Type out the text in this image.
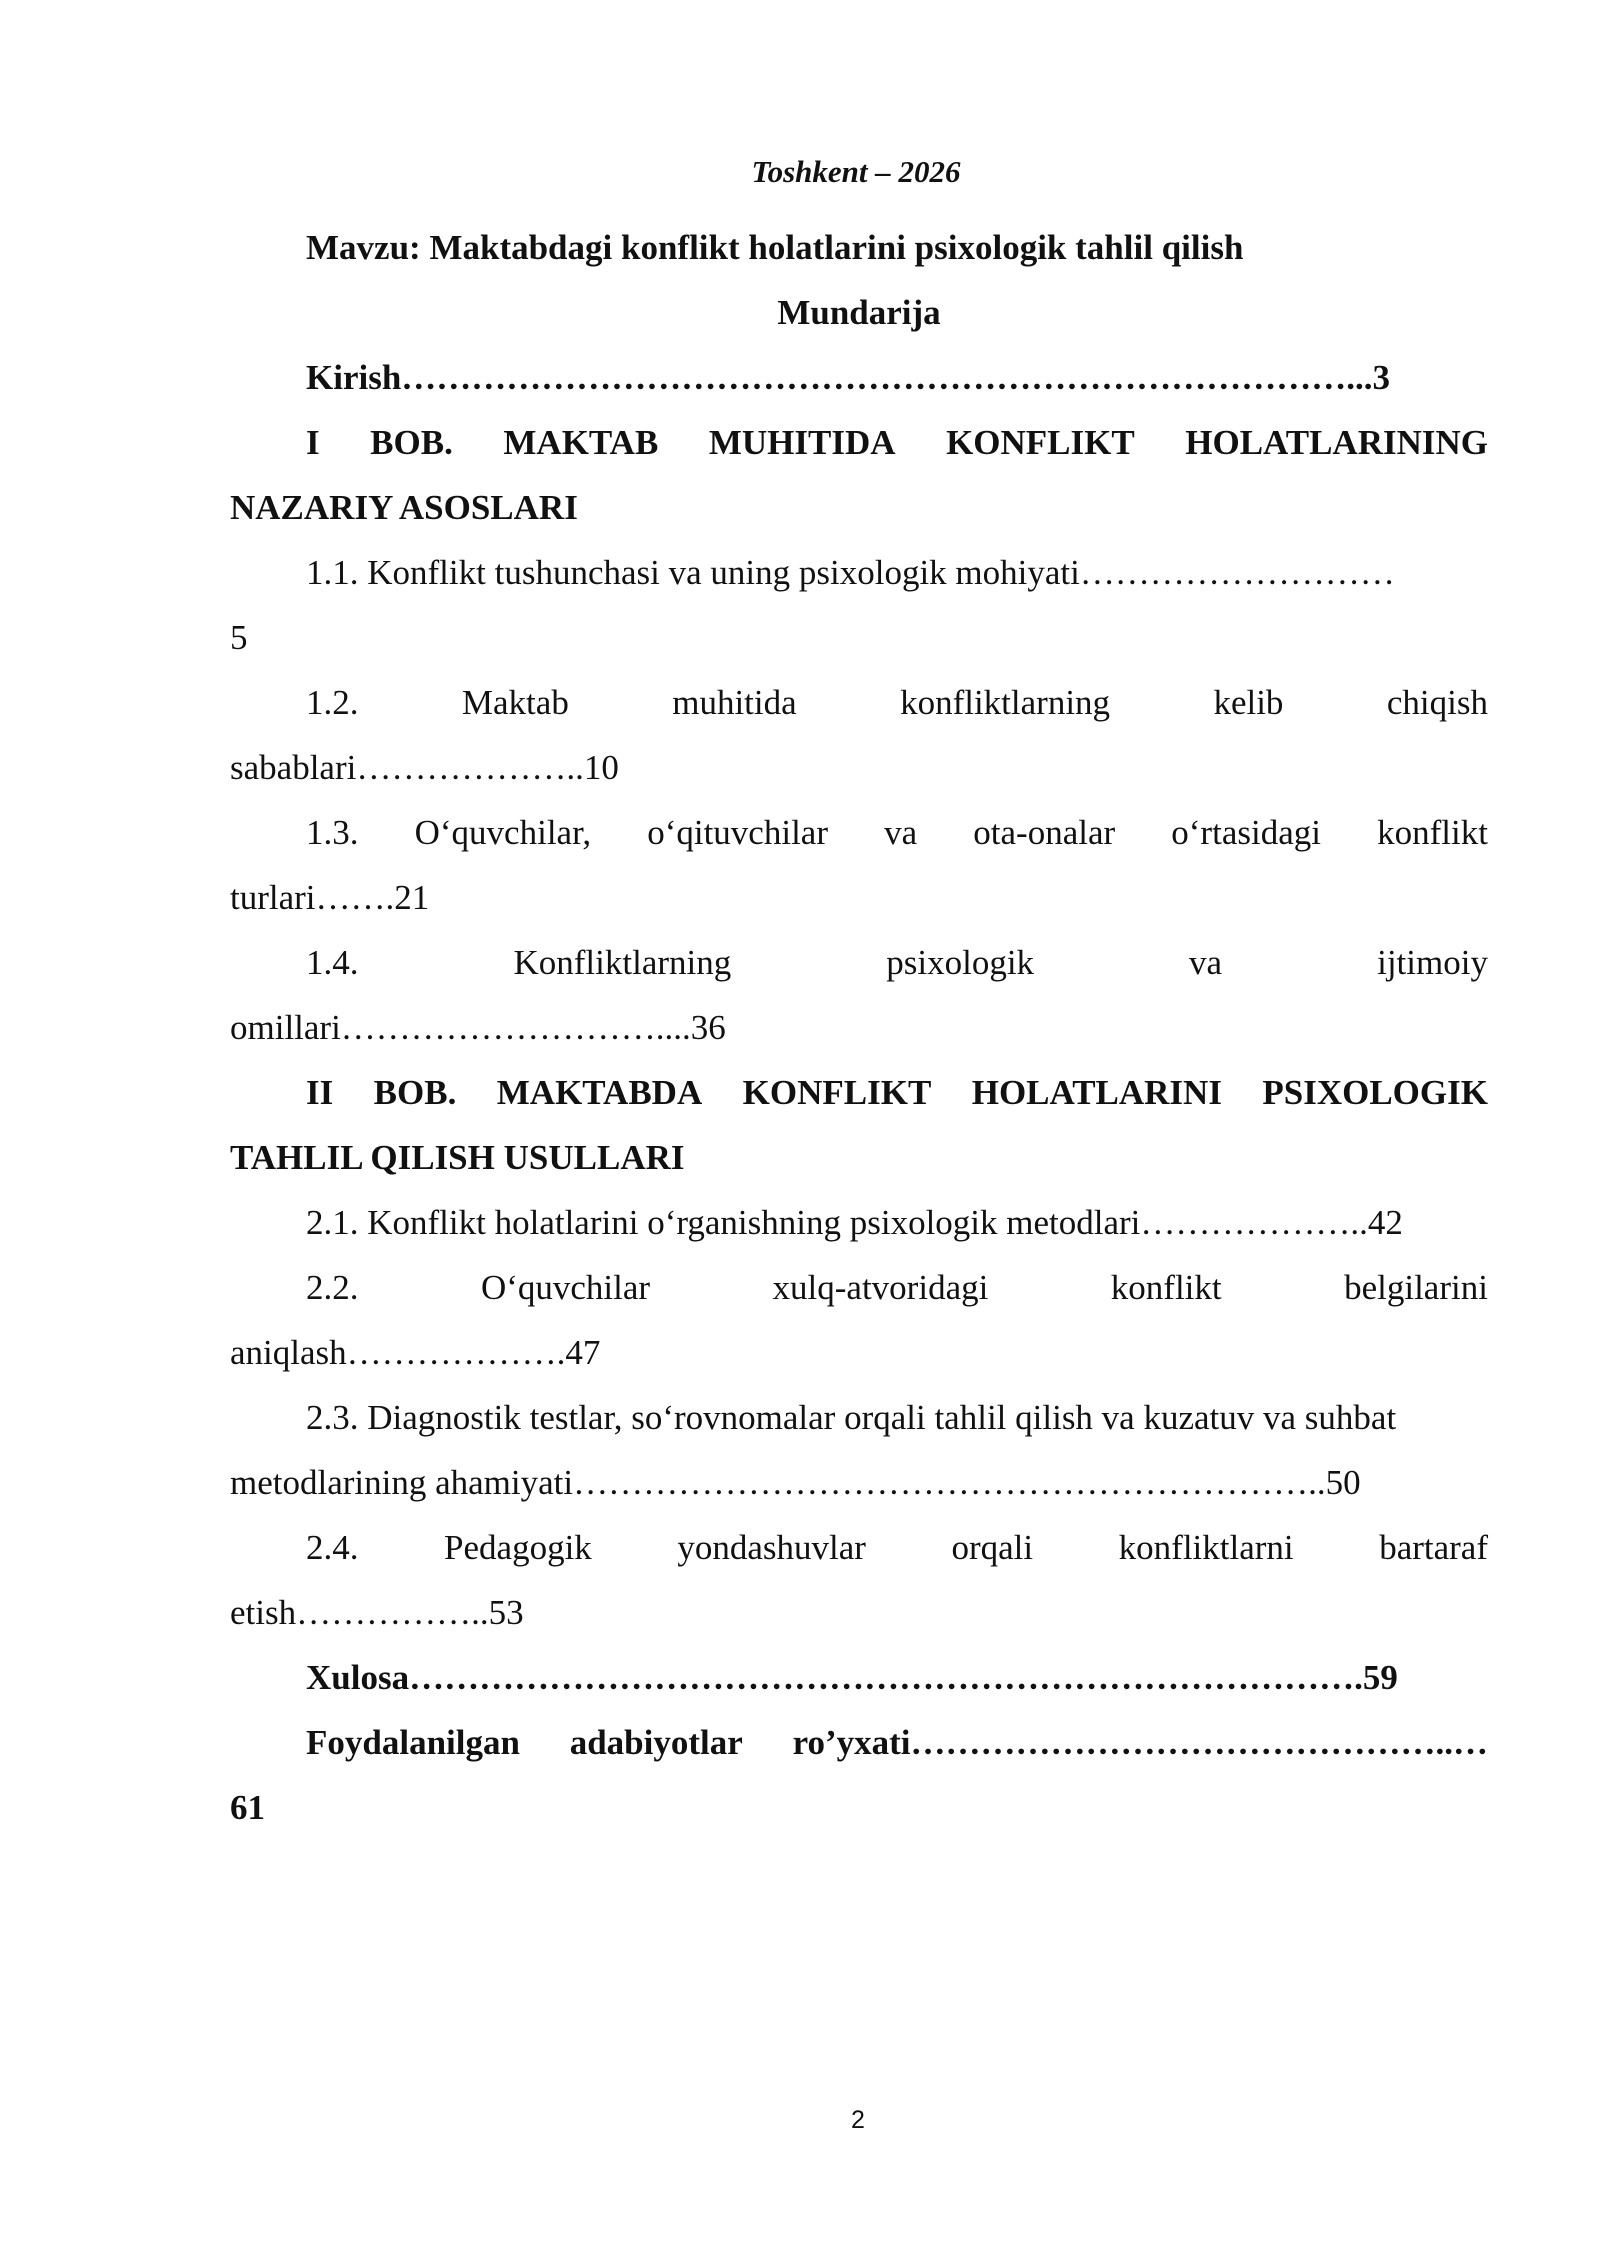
Toshkent – 2026
Mavzu: Maktabdagi konflikt holatlarini psixologik tahlil qilish
Mundarija
Kirish………………………………………………………………………...3
I BOB. MAKTAB MUHITIDA KONFLIKT HOLATLARINING
NAZARIY ASOSLARI
1.1. Konflikt tushunchasi va uning psixologik mohiyati………………………
5
1.2.	Maktab	muhitida	konfliktlarning	kelib	chiqish
sabablari………………..10
1.3. O‘quvchilar, o‘qituvchilar va ota-onalar o‘rtasidagi konflikt
turlari…….21
1.4.	Konfliktlarning	psixologik	va	ijtimoiy
omillari………………………....36
II BOB. MAKTABDA KONFLIKT HOLATLARINI PSIXOLOGIK
TAHLIL QILISH USULLARI
2.1. Konflikt holatlarini o‘rganishning psixologik metodlari………………..42
2.2.	O‘quvchilar	xulq-atvoridagi	konflikt	belgilarini
aniqlash……………….47
2.3. Diagnostik testlar, so‘rovnomalar orqali tahlil qilish va kuzatuv va suhbat
metodlarining ahamiyati………………………………………………………..50
2.4. Pedagogik yondashuvlar orqali konfliktlarni bartaraf
etish……………..53
Xulosa……………………………………………………………………….59
Foydalanilgan adabiyotlar ro’yxati………………………………………..…
61
2
